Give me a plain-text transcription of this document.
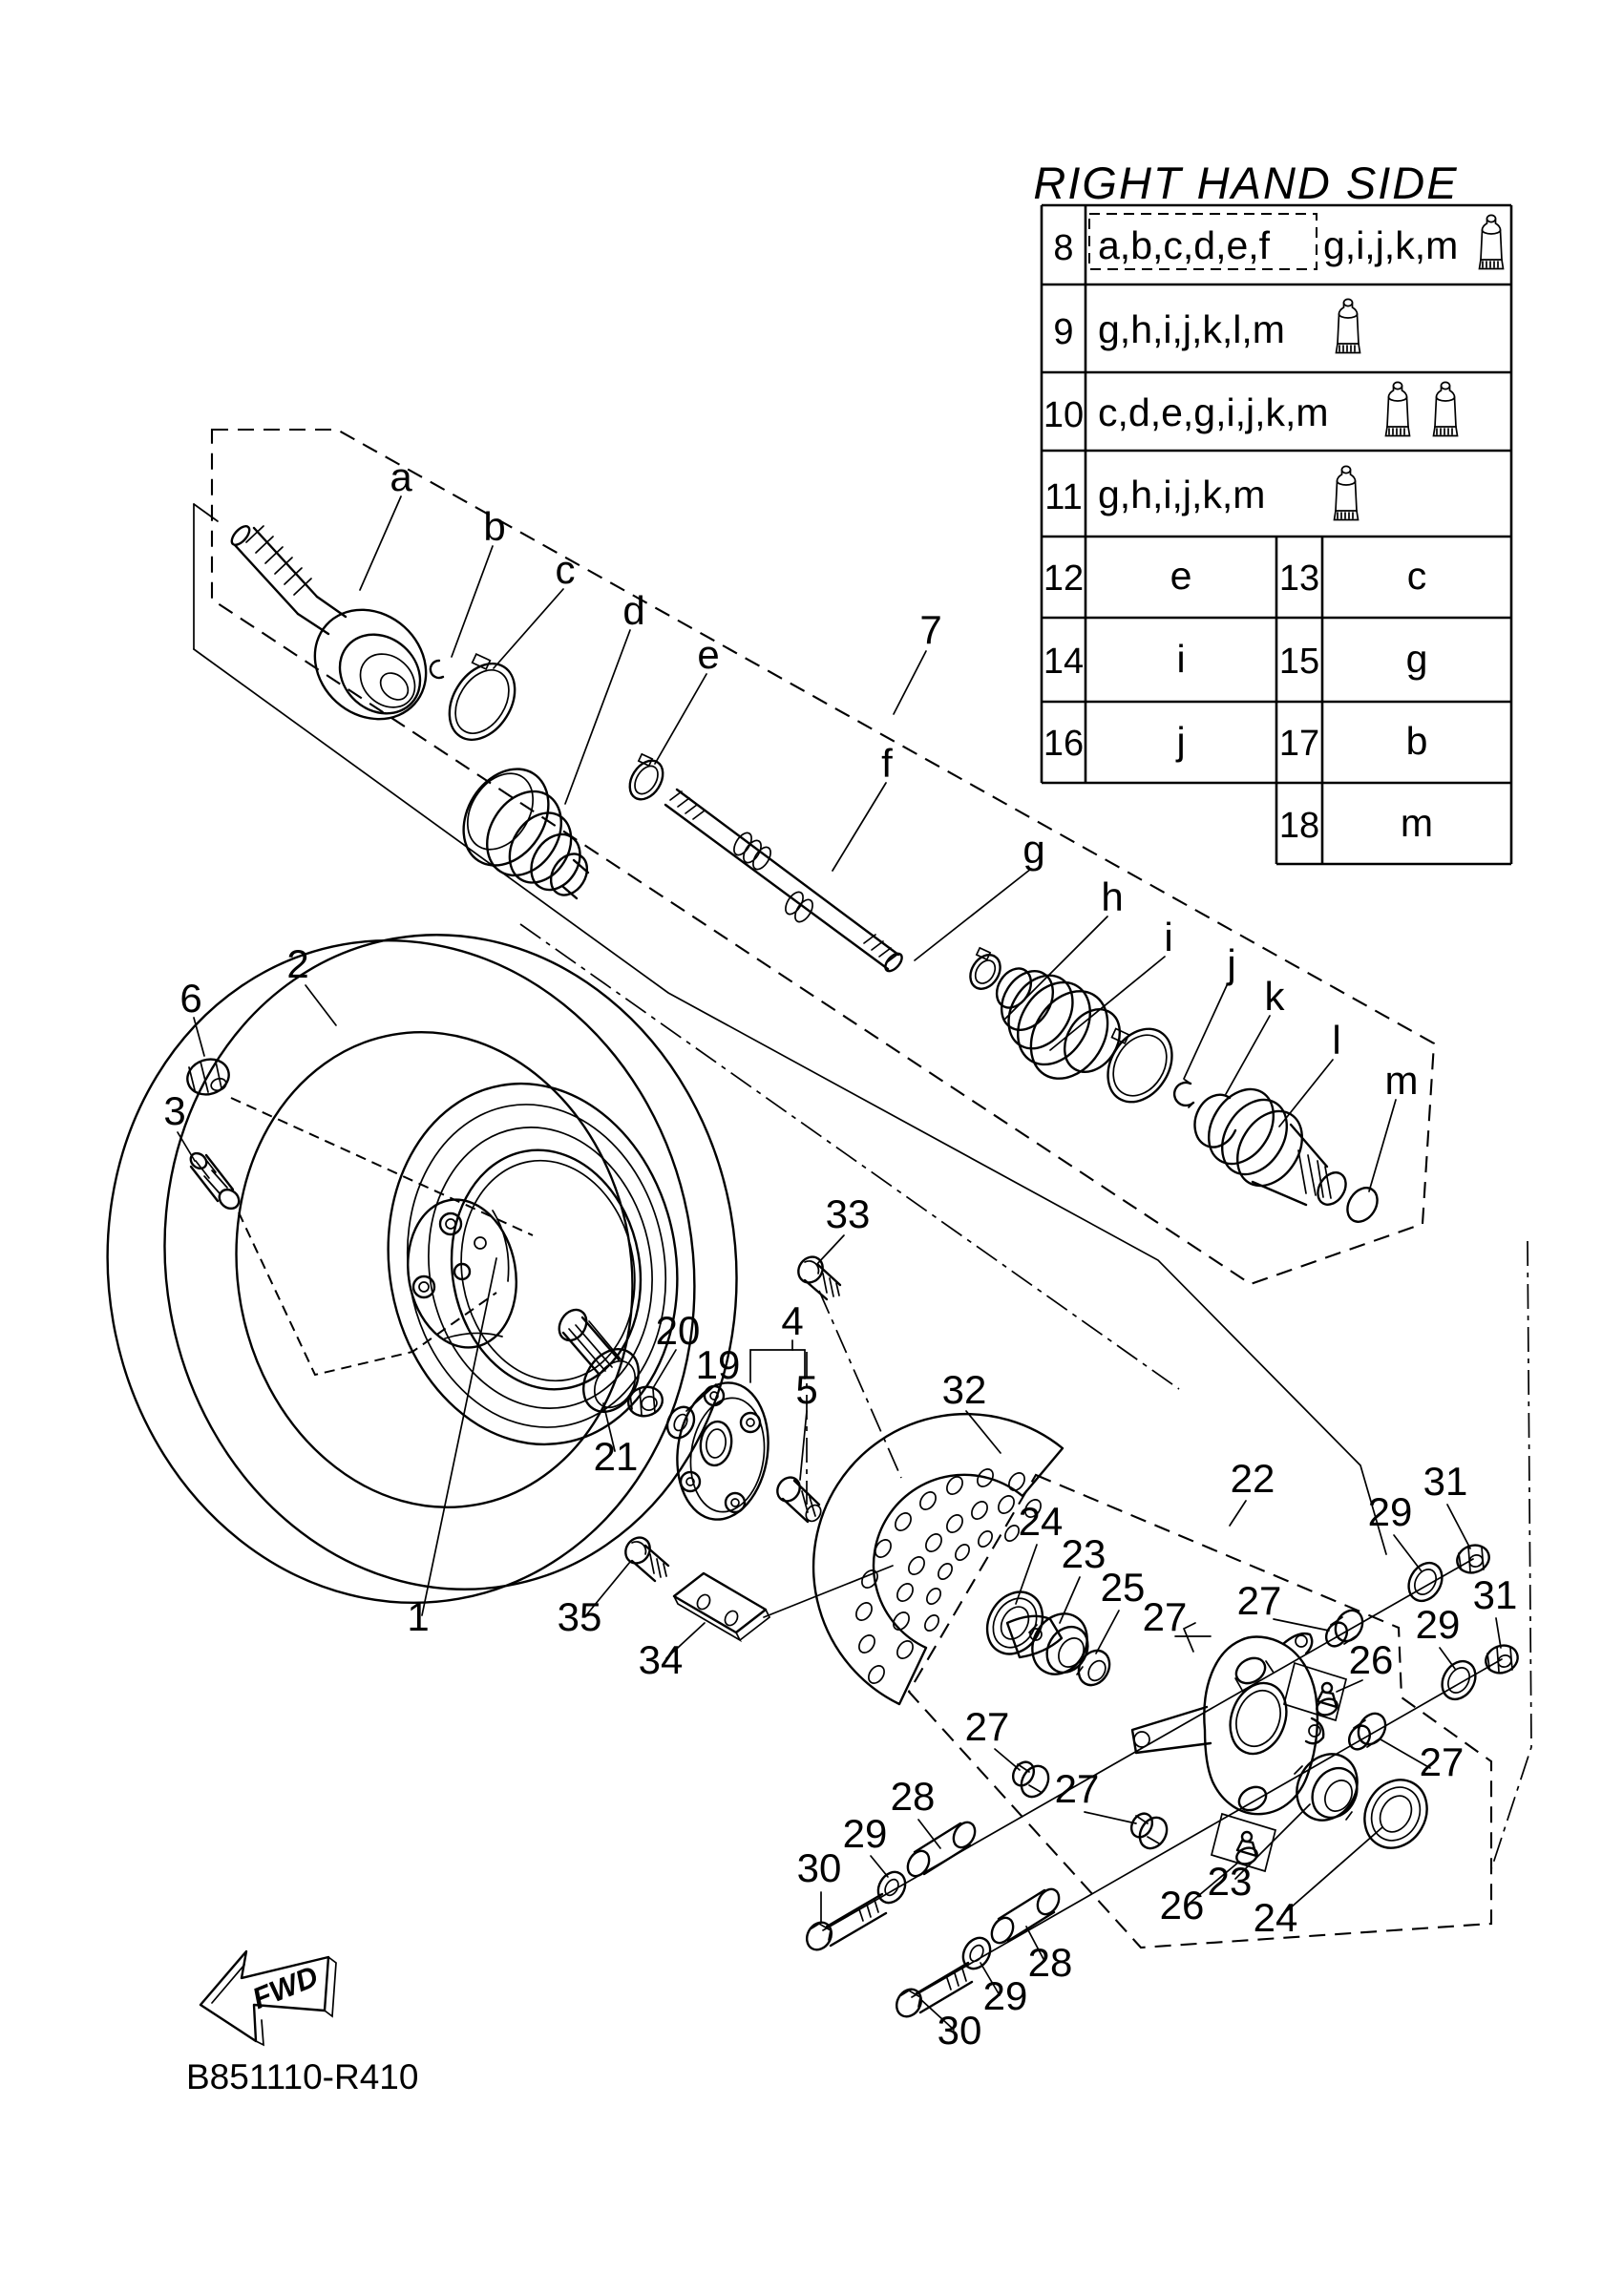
RIGHT HAND SIDE
8 a,b,c,d,e,f g,i,j,k,m
9 g,h,i,j,k,l,m
10 c,d,e,g,i,j,k,m
11 g,h,i,j,k,m
12 e 13 c
14 i	15 g
16 j	17 b
18 m
a
b
c
d
e
7
f
g
h
i
j
k
l
m
2
6
3
1
33
4
20
19
5
21
35
34
32
22
24
23
25
27
29
31
29
31
27
26
27
27
27
28
29
30
28
29
30
26
23
24
FWD
B851110-R410
